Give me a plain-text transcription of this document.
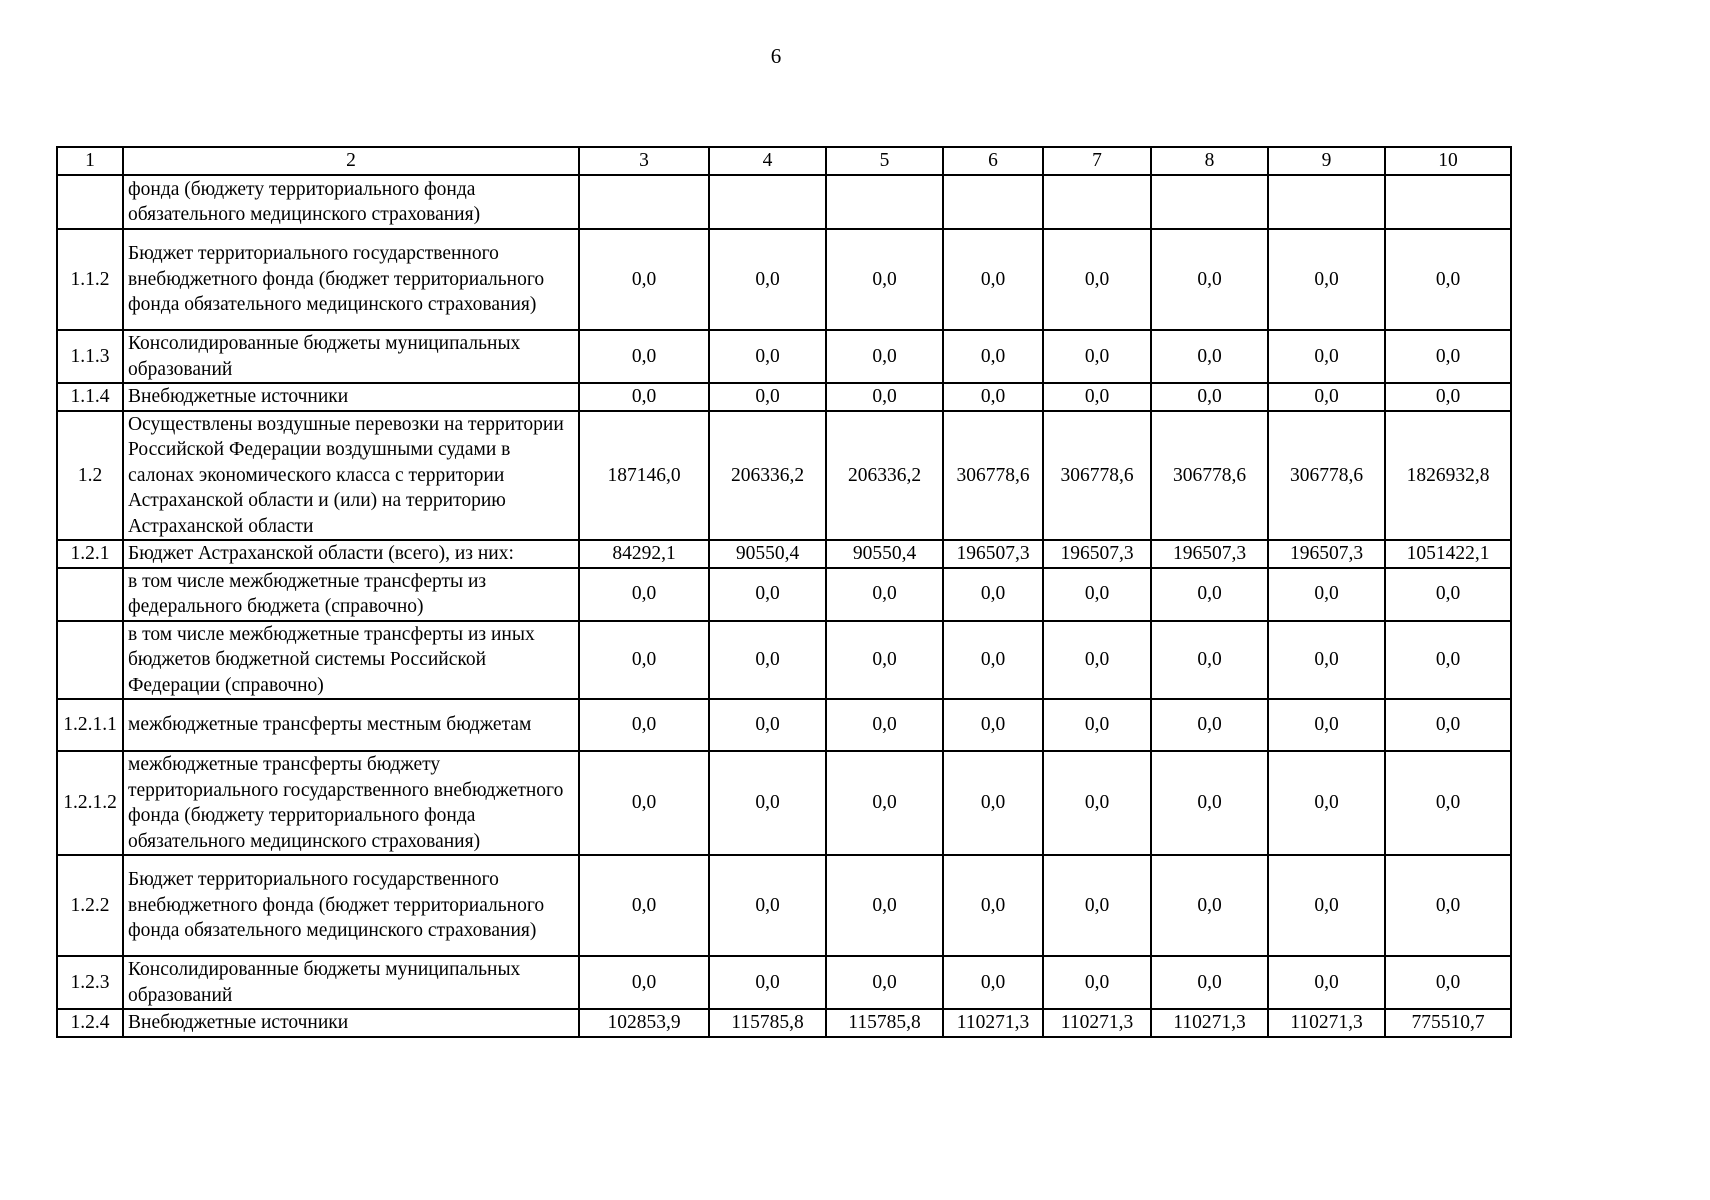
6
1	2	3	4	5	6	7	8	9	10
	фонда (бюджету территориального фонда обязательного медицинского страхования)								
1.1.2	Бюджет территориального государственного внебюджетного фонда (бюджет территориального фонда обязательного медицинского страхования)	0,0	0,0	0,0	0,0	0,0	0,0	0,0	0,0
1.1.3	Консолидированные бюджеты муниципальных образований	0,0	0,0	0,0	0,0	0,0	0,0	0,0	0,0
1.1.4	Внебюджетные источники	0,0	0,0	0,0	0,0	0,0	0,0	0,0	0,0
1.2	Осуществлены воздушные перевозки на территории Российской Федерации воздушными судами в салонах экономического класса с территории Астраханской области и (или) на территорию Астраханской области	187146,0	206336,2	206336,2	306778,6	306778,6	306778,6	306778,6	1826932,8
1.2.1	Бюджет Астраханской области (всего), из них:	84292,1	90550,4	90550,4	196507,3	196507,3	196507,3	196507,3	1051422,1
	в том числе межбюджетные трансферты из федерального бюджета (справочно)	0,0	0,0	0,0	0,0	0,0	0,0	0,0	0,0
	в том числе межбюджетные трансферты из иных бюджетов бюджетной системы Российской Федерации (справочно)	0,0	0,0	0,0	0,0	0,0	0,0	0,0	0,0
1.2.1.1	межбюджетные трансферты местным бюджетам	0,0	0,0	0,0	0,0	0,0	0,0	0,0	0,0
1.2.1.2	межбюджетные трансферты бюджету территориального государственного внебюджетного фонда (бюджету территориального фонда обязательного медицинского страхования)	0,0	0,0	0,0	0,0	0,0	0,0	0,0	0,0
1.2.2	Бюджет территориального государственного внебюджетного фонда (бюджет территориального фонда обязательного медицинского страхования)	0,0	0,0	0,0	0,0	0,0	0,0	0,0	0,0
1.2.3	Консолидированные бюджеты муниципальных образований	0,0	0,0	0,0	0,0	0,0	0,0	0,0	0,0
1.2.4	Внебюджетные источники	102853,9	115785,8	115785,8	110271,3	110271,3	110271,3	110271,3	775510,7
